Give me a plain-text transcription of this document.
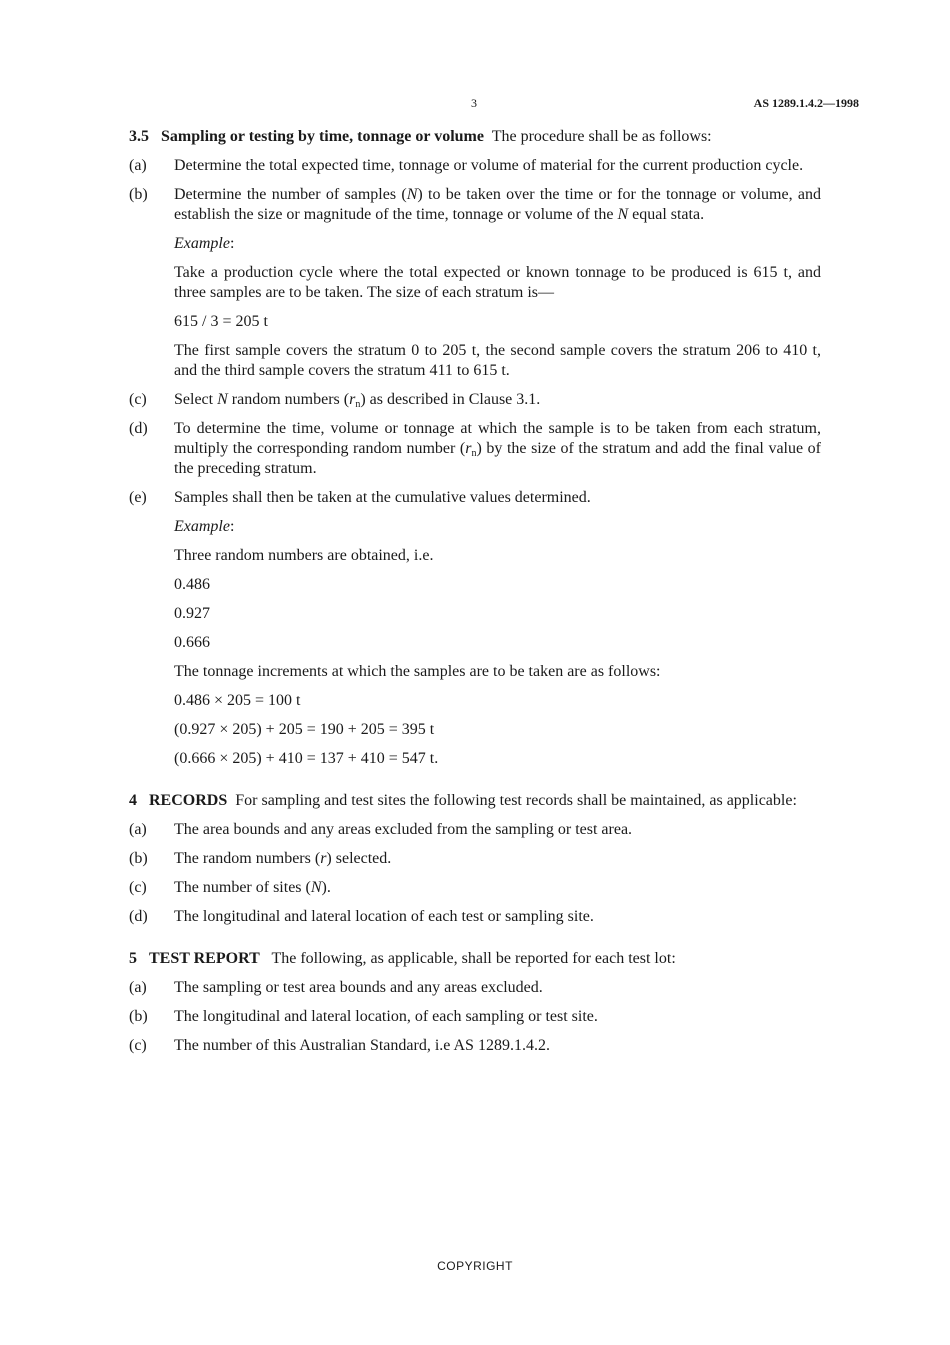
3	AS 1289.1.4.2—1998

3.5 Sampling or testing by time, tonnage or volume The procedure shall be as follows:

(a) Determine the total expected time, tonnage or volume of material for the current production cycle.
(b) Determine the number of samples (N) to be taken over the time or for the tonnage or volume, and establish the size or magnitude of the time, tonnage or volume of the N equal stata.

Example:

Take a production cycle where the total expected or known tonnage to be produced is 615 t, and three samples are to be taken. The size of each stratum is—

615 / 3 = 205 t

The first sample covers the stratum 0 to 205 t, the second sample covers the stratum 206 to 410 t, and the third sample covers the stratum 411 to 615 t.

(c) Select N random numbers $(r_n)$ as described in Clause 3.1.
(d) To determine the time, volume or tonnage at which the sample is to be taken from each stratum, multiply the corresponding random number $(r_n)$ by the size of the stratum and add the final value of the preceding stratum.
(e) Samples shall then be taken at the cumulative values determined.

Example:

Three random numbers are obtained, i.e.

0.486

0.927

0.666

The tonnage increments at which the samples are to be taken are as follows:

0.486 × 205 = 100 t

(0.927 × 205) + 205 = 190 + 205 = 395 t

(0.666 × 205) + 410 = 137 + 410 = 547 t.

4 RECORDS For sampling and test sites the following test records shall be maintained, as applicable:

(a) The area bounds and any areas excluded from the sampling or test area.
(b) The random numbers (r) selected.
(c) The number of sites (N).
(d) The longitudinal and lateral location of each test or sampling site.

5 TEST REPORT The following, as applicable, shall be reported for each test lot:

(a) The sampling or test area bounds and any areas excluded.
(b) The longitudinal and lateral location, of each sampling or test site.
(c) The number of this Australian Standard, i.e AS 1289.1.4.2.
COPYRIGHT
